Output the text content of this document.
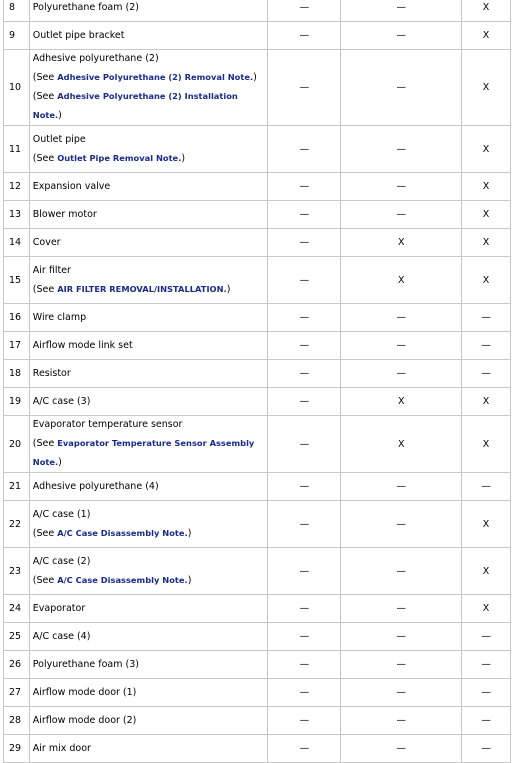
8	Polyurethane foam (2)	—	—	X
9	Outlet pipe bracket	—	—	X
10	Adhesive polyurethane (2)
(See Adhesive Polyurethane (2) Removal Note.)
(See Adhesive Polyurethane (2) Installation Note.)	—	—	X
11	Outlet pipe
(See Outlet Pipe Removal Note.)	—	—	X
12	Expansion valve	—	—	X
13	Blower motor	—	—	X
14	Cover	—	X	X
15	Air filter
(See AIR FILTER REMOVAL/INSTALLATION.)	—	X	X
16	Wire clamp	—	—	—
17	Airflow mode link set	—	—	—
18	Resistor	—	—	—
19	A/C case (3)	—	X	X
20	Evaporator temperature sensor
(See Evaporator Temperature Sensor Assembly Note.)	—	X	X
21	Adhesive polyurethane (4)	—	—	—
22	A/C case (1)
(See A/C Case Disassembly Note.)	—	—	X
23	A/C case (2)
(See A/C Case Disassembly Note.)	—	—	X
24	Evaporator	—	—	X
25	A/C case (4)	—	—	—
26	Polyurethane foam (3)	—	—	—
27	Airflow mode door (1)	—	—	—
28	Airflow mode door (2)	—	—	—
29	Air mix door	—	—	—
